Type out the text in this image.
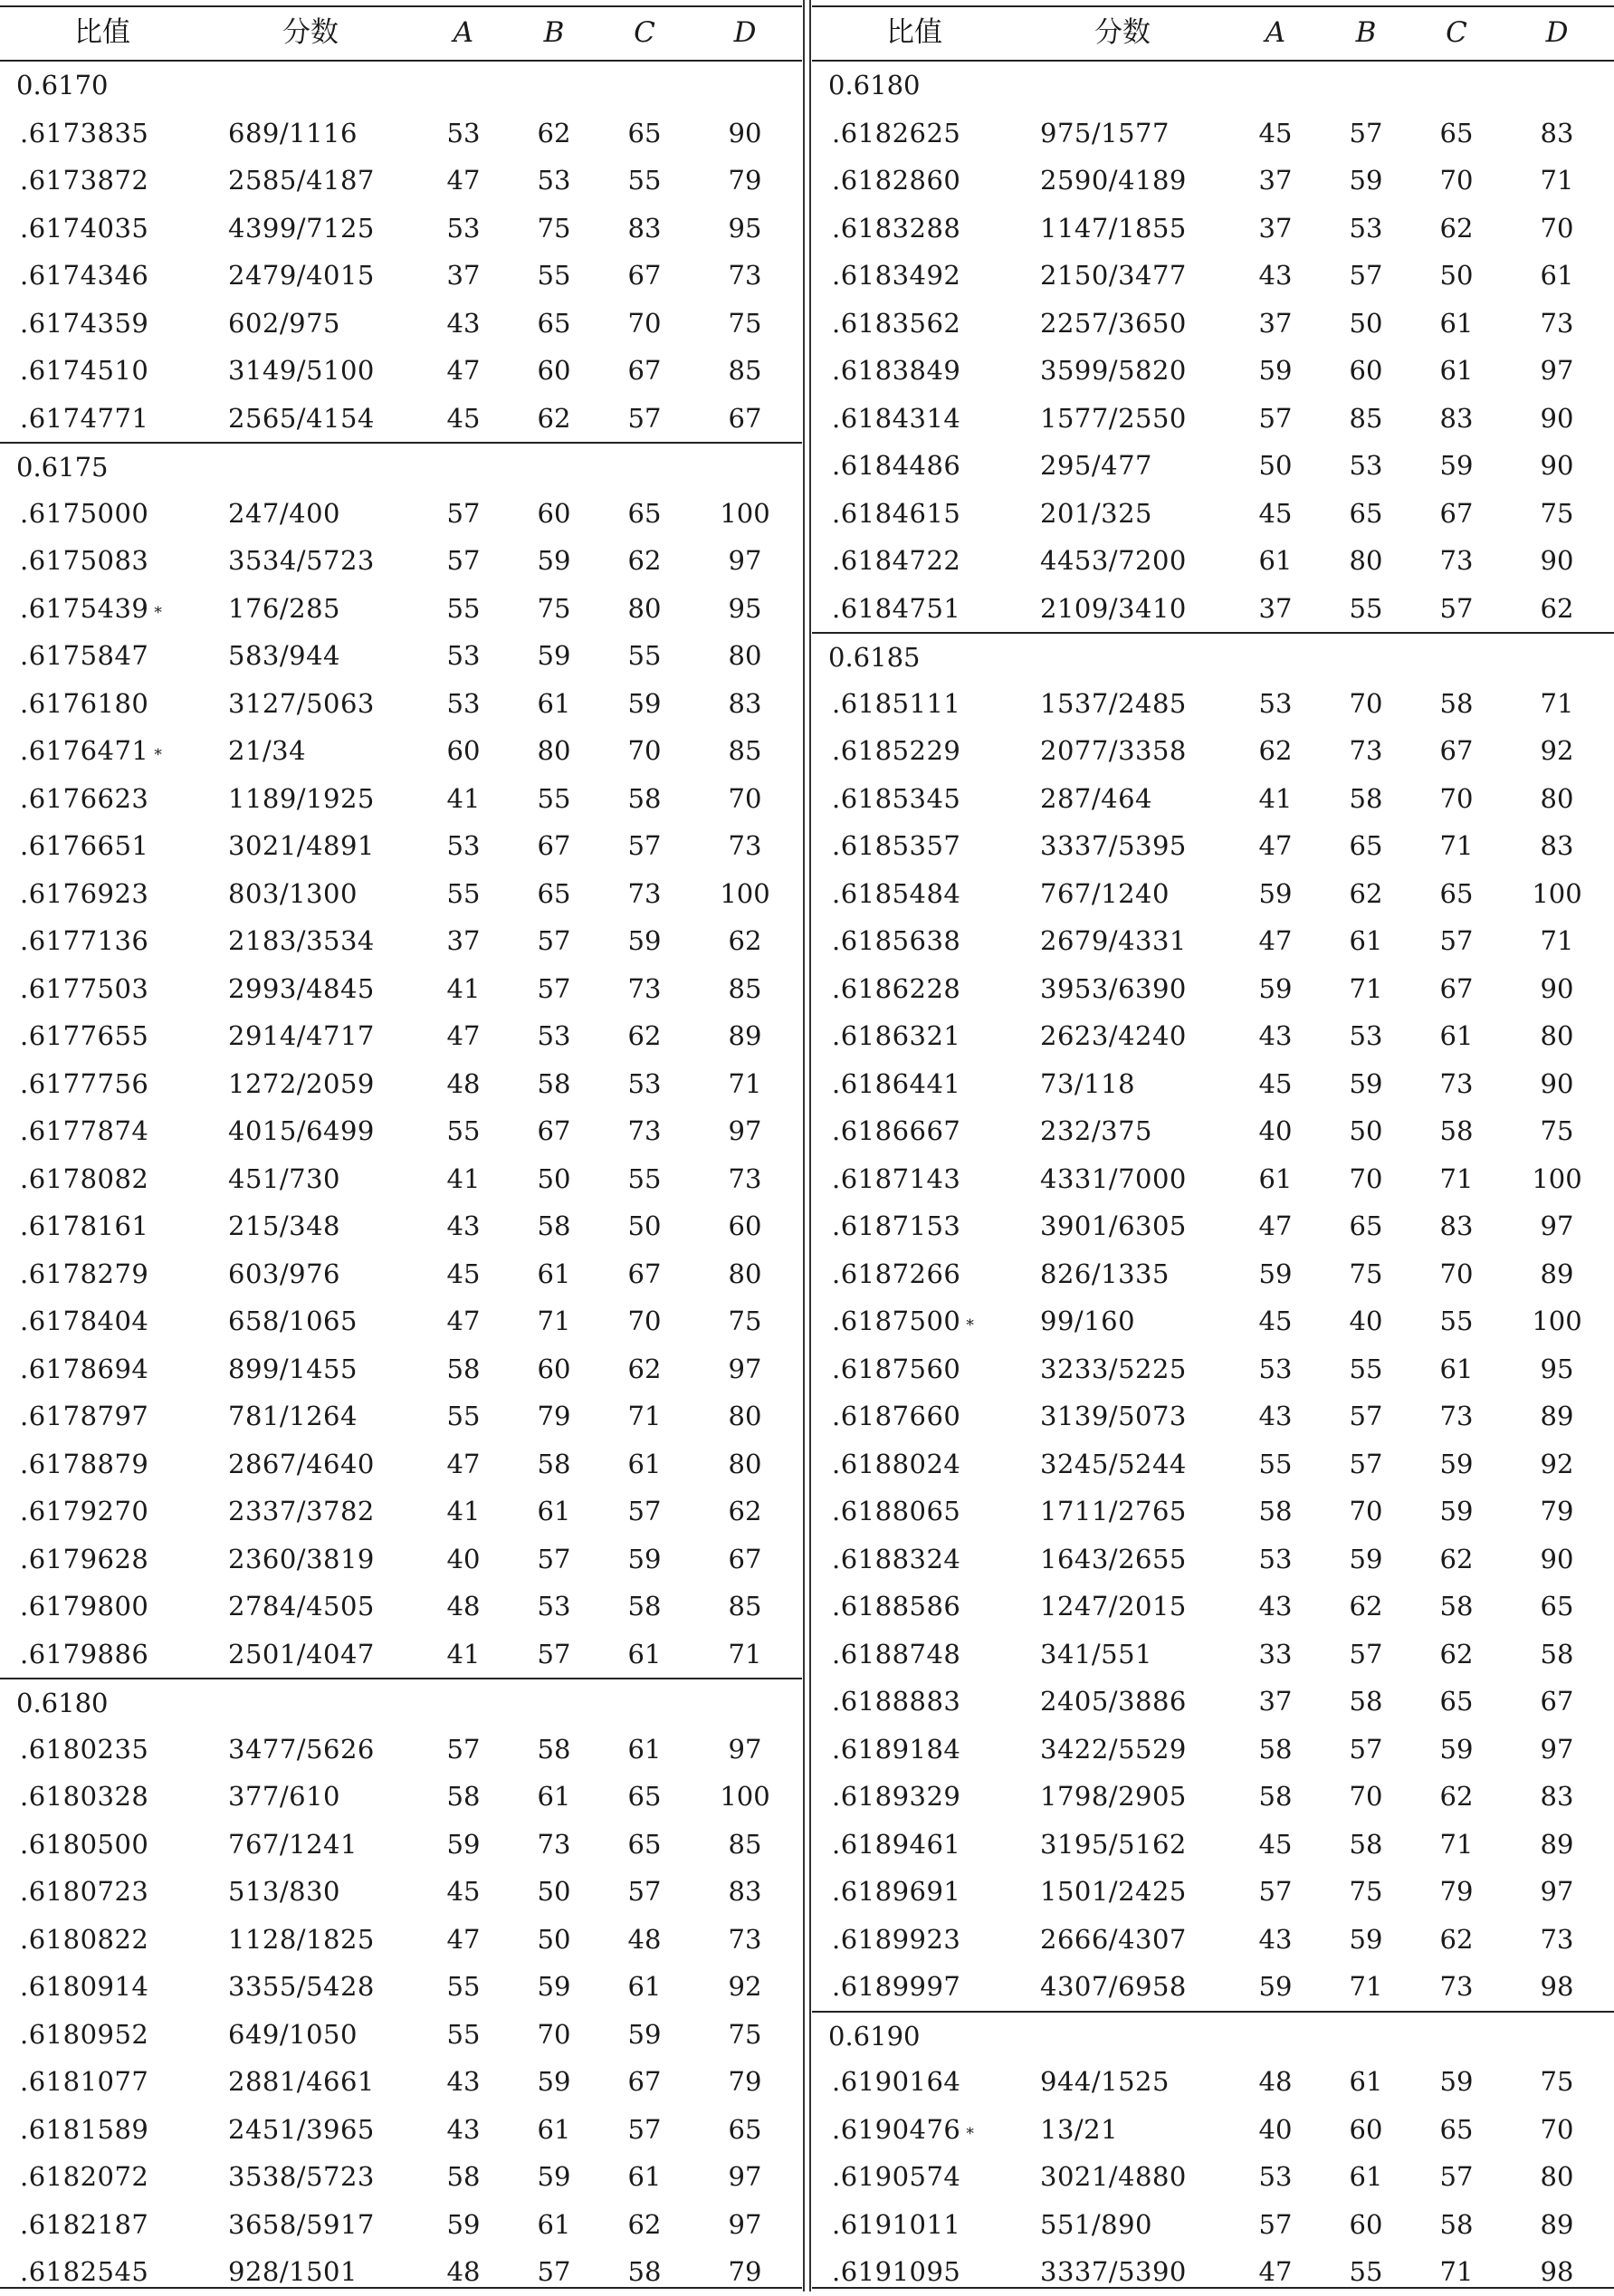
比值	分数	A	B	C	D
0.6170
.6173835	689/1116	53	62	65	90
.6173872	2585/4187	47	53	55	79
.6174035	4399/7125	53	75	83	95
.6174346	2479/4015	37	55	67	73
.6174359	602/975	43	65	70	75
.6174510	3149/5100	47	60	67	85
.6174771	2565/4154	45	62	57	67
0.6175
.6175000	247/400	57	60	65	100
.6175083	3534/5723	57	59	62	97
.6175439 *	176/285	55	75	80	95
.6175847	583/944	53	59	55	80
.6176180	3127/5063	53	61	59	83
.6176471 *	21/34	60	80	70	85
.6176623	1189/1925	41	55	58	70
.6176651	3021/4891	53	67	57	73
.6176923	803/1300	55	65	73	100
.6177136	2183/3534	37	57	59	62
.6177503	2993/4845	41	57	73	85
.6177655	2914/4717	47	53	62	89
.6177756	1272/2059	48	58	53	71
.6177874	4015/6499	55	67	73	97
.6178082	451/730	41	50	55	73
.6178161	215/348	43	58	50	60
.6178279	603/976	45	61	67	80
.6178404	658/1065	47	71	70	75
.6178694	899/1455	58	60	62	97
.6178797	781/1264	55	79	71	80
.6178879	2867/4640	47	58	61	80
.6179270	2337/3782	41	61	57	62
.6179628	2360/3819	40	57	59	67
.6179800	2784/4505	48	53	58	85
.6179886	2501/4047	41	57	61	71
0.6180
.6180235	3477/5626	57	58	61	97
.6180328	377/610	58	61	65	100
.6180500	767/1241	59	73	65	85
.6180723	513/830	45	50	57	83
.6180822	1128/1825	47	50	48	73
.6180914	3355/5428	55	59	61	92
.6180952	649/1050	55	70	59	75
.6181077	2881/4661	43	59	67	79
.6181589	2451/3965	43	61	57	65
.6182072	3538/5723	58	59	61	97
.6182187	3658/5917	59	61	62	97
.6182545	928/1501	48	57	58	79
比值	分数	A	B	C	D
0.6180
.6182625	975/1577	45	57	65	83
.6182860	2590/4189	37	59	70	71
.6183288	1147/1855	37	53	62	70
.6183492	2150/3477	43	57	50	61
.6183562	2257/3650	37	50	61	73
.6183849	3599/5820	59	60	61	97
.6184314	1577/2550	57	85	83	90
.6184486	295/477	50	53	59	90
.6184615	201/325	45	65	67	75
.6184722	4453/7200	61	80	73	90
.6184751	2109/3410	37	55	57	62
0.6185
.6185111	1537/2485	53	70	58	71
.6185229	2077/3358	62	73	67	92
.6185345	287/464	41	58	70	80
.6185357	3337/5395	47	65	71	83
.6185484	767/1240	59	62	65	100
.6185638	2679/4331	47	61	57	71
.6186228	3953/6390	59	71	67	90
.6186321	2623/4240	43	53	61	80
.6186441	73/118	45	59	73	90
.6186667	232/375	40	50	58	75
.6187143	4331/7000	61	70	71	100
.6187153	3901/6305	47	65	83	97
.6187266	826/1335	59	75	70	89
.6187500 *	99/160	45	40	55	100
.6187560	3233/5225	53	55	61	95
.6187660	3139/5073	43	57	73	89
.6188024	3245/5244	55	57	59	92
.6188065	1711/2765	58	70	59	79
.6188324	1643/2655	53	59	62	90
.6188586	1247/2015	43	62	58	65
.6188748	341/551	33	57	62	58
.6188883	2405/3886	37	58	65	67
.6189184	3422/5529	58	57	59	97
.6189329	1798/2905	58	70	62	83
.6189461	3195/5162	45	58	71	89
.6189691	1501/2425	57	75	79	97
.6189923	2666/4307	43	59	62	73
.6189997	4307/6958	59	71	73	98
0.6190
.6190164	944/1525	48	61	59	75
.6190476 *	13/21	40	60	65	70
.6190574	3021/4880	53	61	57	80
.6191011	551/890	57	60	58	89
.6191095	3337/5390	47	55	71	98
